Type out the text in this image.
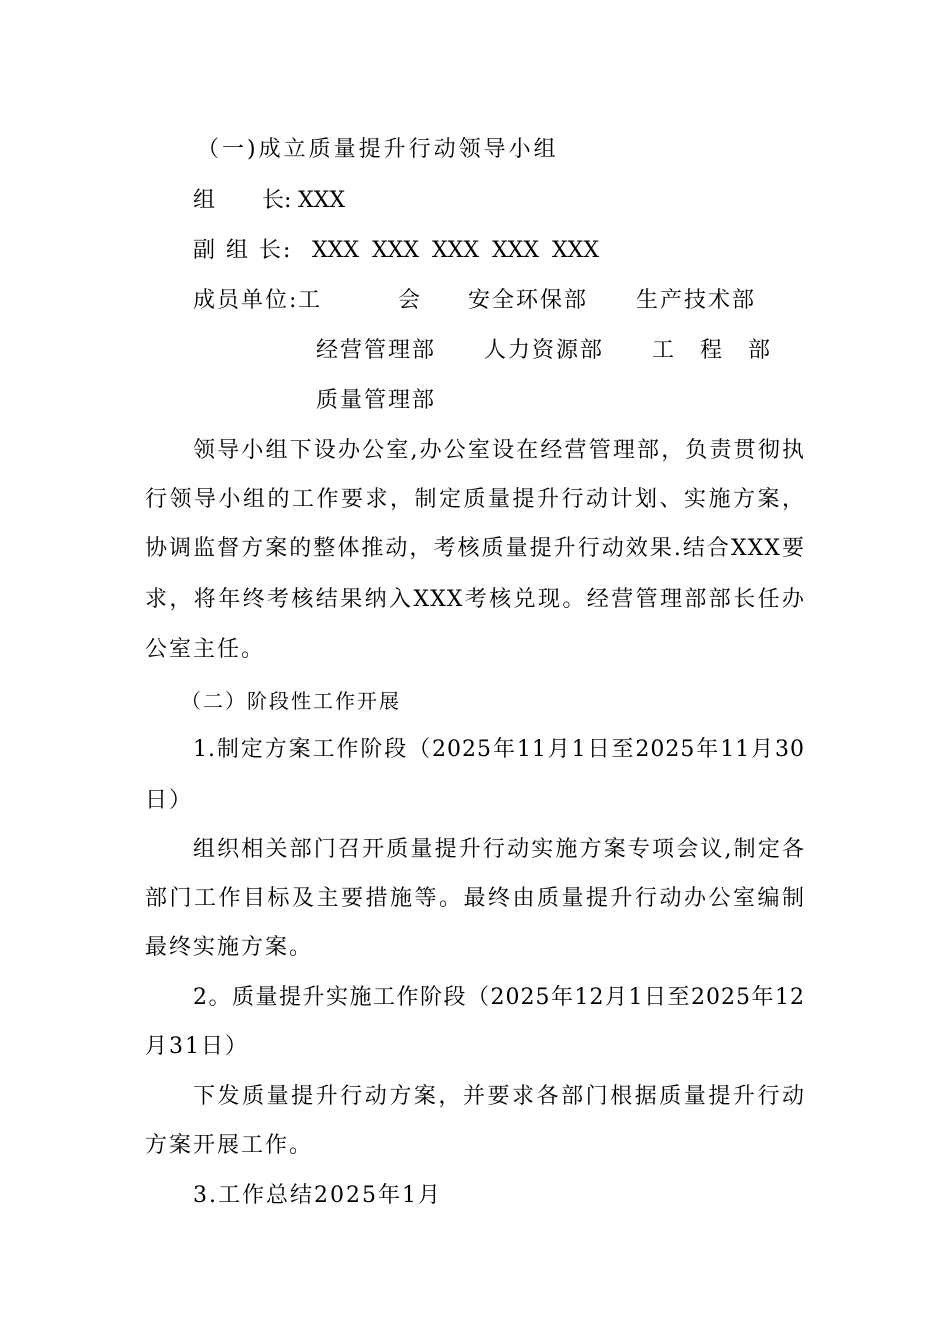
（一)成立质量提升行动领导小组
组 长: XXX
副 组 长: XXX XXX XXX XXX XXX
成员单位: 工	会 安全环保部 生产技术部
经营管理部 人力资源部 工 程 部
质量管理部
领导小组下设办公室,办公室设在经营管理部，负责贯彻执
行领导小组的工作要求，制定质量提升行动计划、实施方案，
协调监督方案的整体推动，考核质量提升行动效果.结合XXX要
求，将年终考核结果纳入XXX考核兑现。经营管理部部长任办
公室主任。
（二）阶段性工作开展
1.制定方案工作阶段（2025年11月1日至2025年11月30
日）
组织相关部门召开质量提升行动实施方案专项会议,制定各
部门工作目标及主要措施等。最终由质量提升行动办公室编制
最终实施方案。
2。质量提升实施工作阶段（2025年12月1日至2025年12
月31日）
下发质量提升行动方案，并要求各部门根据质量提升行动
方案开展工作。
3.工作总结2025年1月
